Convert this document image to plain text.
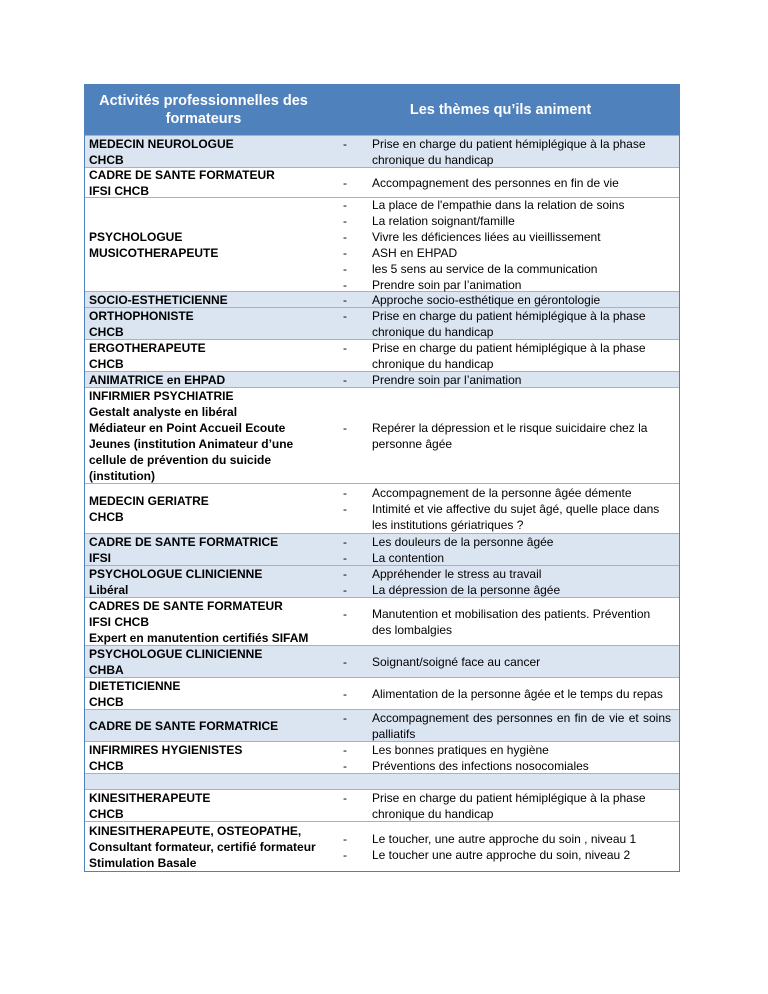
Activités professionnelles des formateurs
Les thèmes qu’ils animent
MEDECIN NEUROLOGUE
CHCB
-	Prise en charge du patient hémiplégique à la phase chronique du handicap
CADRE DE SANTE FORMATEUR
IFSI CHCB
-	Accompagnement des personnes en fin de vie
PSYCHOLOGUE
MUSICOTHERAPEUTE
-	La place de l'empathie dans la relation de soins
-	La relation soignant/famille
-	Vivre les déficiences liées au vieillissement
-	ASH en EHPAD
-	les 5 sens au service de la communication
-	Prendre soin par l’animation
SOCIO-ESTHETICIENNE	-	Approche socio-esthétique en gérontologie
ORTHOPHONISTE
CHCB
-	Prise en charge du patient hémiplégique à la phase chronique du handicap
ERGOTHERAPEUTE
CHCB
-	Prise en charge du patient hémiplégique à la phase chronique du handicap
ANIMATRICE en EHPAD	-	Prendre soin par l’animation
INFIRMIER PSYCHIATRIE
Gestalt analyste en libéral
Médiateur en Point Accueil Ecoute Jeunes (institution Animateur d’une cellule de prévention du suicide (institution)
-	Repérer la dépression et le risque suicidaire chez la personne âgée
MEDECIN GERIATRE
CHCB
-	Accompagnement de la personne âgée démente
-	Intimité et vie affective du sujet âgé, quelle place dans les institutions gériatriques ?
CADRE DE SANTE FORMATRICE
IFSI
-	Les douleurs de la personne âgée
-	La contention
PSYCHOLOGUE CLINICIENNE
Libéral
-	Appréhender le stress au travail
-	La dépression de la personne âgée
CADRES DE SANTE FORMATEUR
IFSI CHCB
Expert en manutention certifiés SIFAM
-	Manutention et mobilisation des patients. Prévention des lombalgies
PSYCHOLOGUE CLINICIENNE
CHBA
-	Soignant/soigné face au cancer
DIETETICIENNE
CHCB
-	Alimentation de la personne âgée et le temps du repas
CADRE DE SANTE FORMATRICE
-	Accompagnement des personnes en fin de vie et soins palliatifs
INFIRMIRES HYGIENISTES
CHCB
-	Les bonnes pratiques en hygiène
-	Préventions des infections nosocomiales
KINESITHERAPEUTE
CHCB
-	Prise en charge du patient hémiplégique à la phase chronique du handicap
KINESITHERAPEUTE, OSTEOPATHE, Consultant formateur, certifié formateur Stimulation Basale
-	Le toucher, une autre approche du soin , niveau 1
-	Le toucher une autre approche du soin, niveau 2
